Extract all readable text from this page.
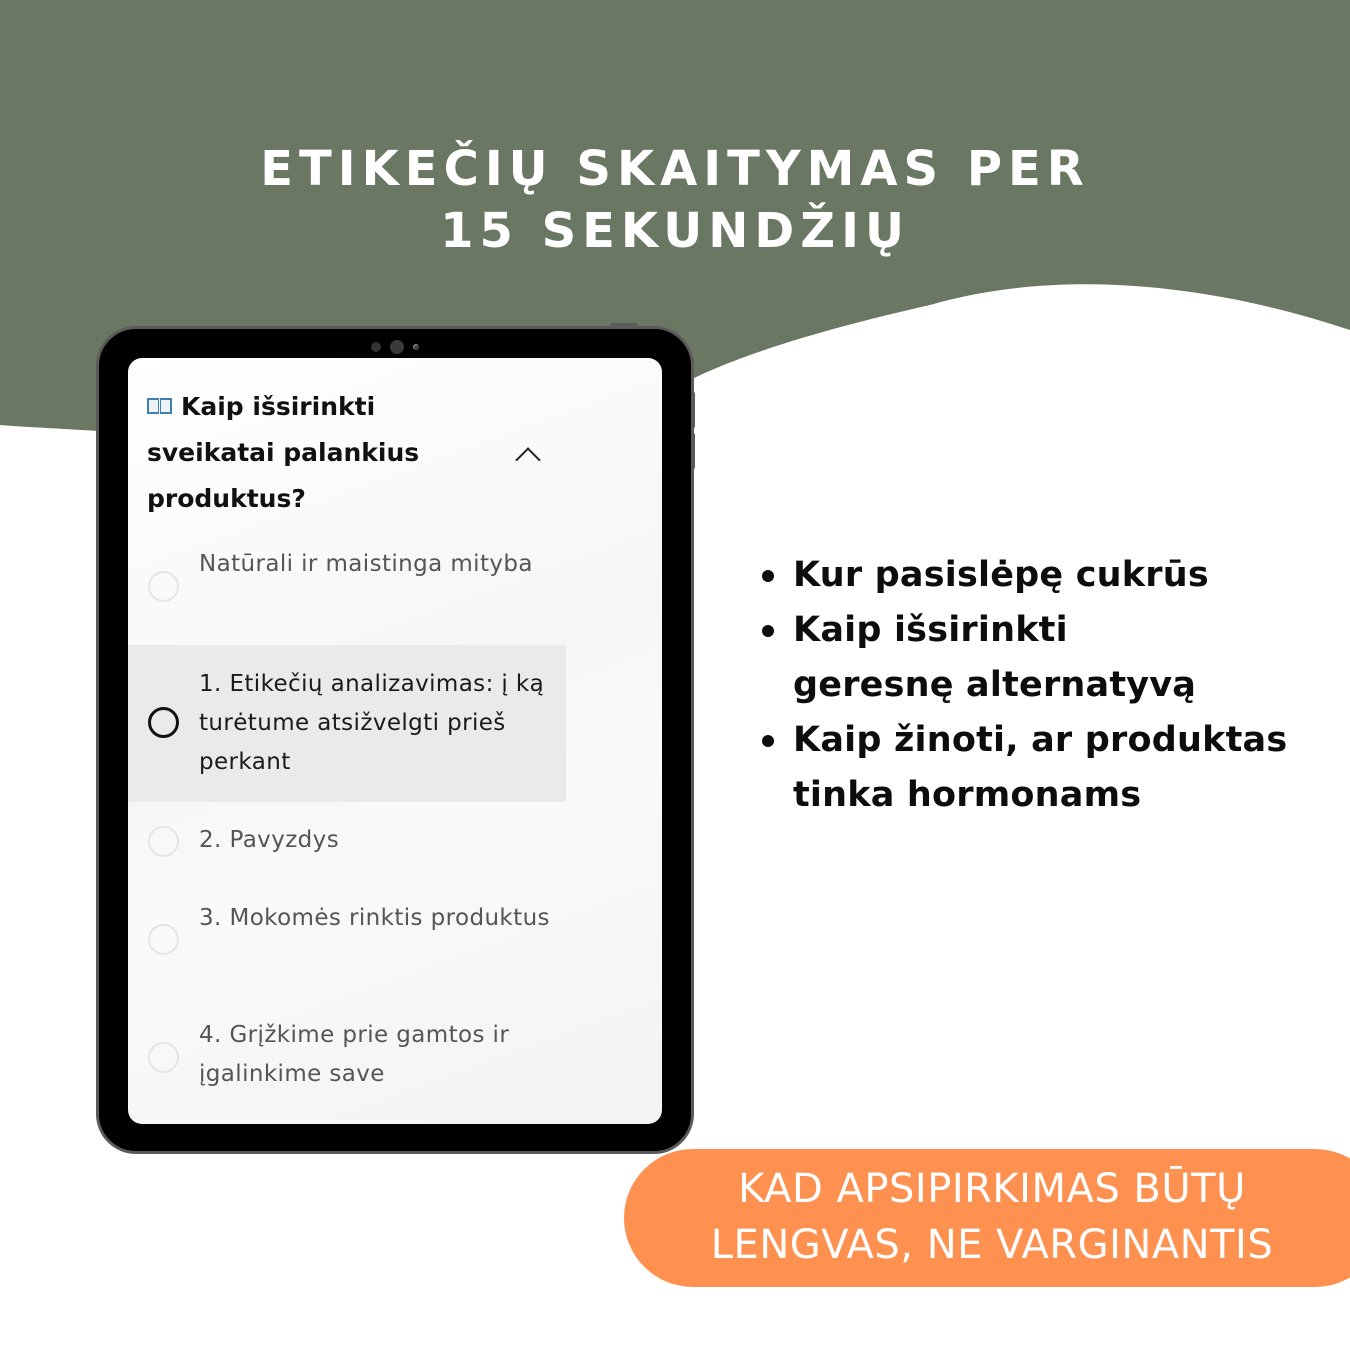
ETIKEČIŲ SKAITYMAS PER
15 SEKUNDŽIŲ
Kaip išsirinkti sveikatai palankius produktus?
Natūrali ir maistinga mityba
1. Etikečių analizavimas: į ką turėtume atsižvelgti prieš perkant
2. Pavyzdys
3. Mokomės rinktis produktus
4. Grįžkime prie gamtos ir įgalinkime save
Kur pasislėpę cukrūs
Kaip išsirinkti geresnę alternatyvą
Kaip žinoti, ar produktas tinka hormonams
KAD APSIPIRKIMAS BŪTŲ
LENGVAS, NE VARGINANTIS
